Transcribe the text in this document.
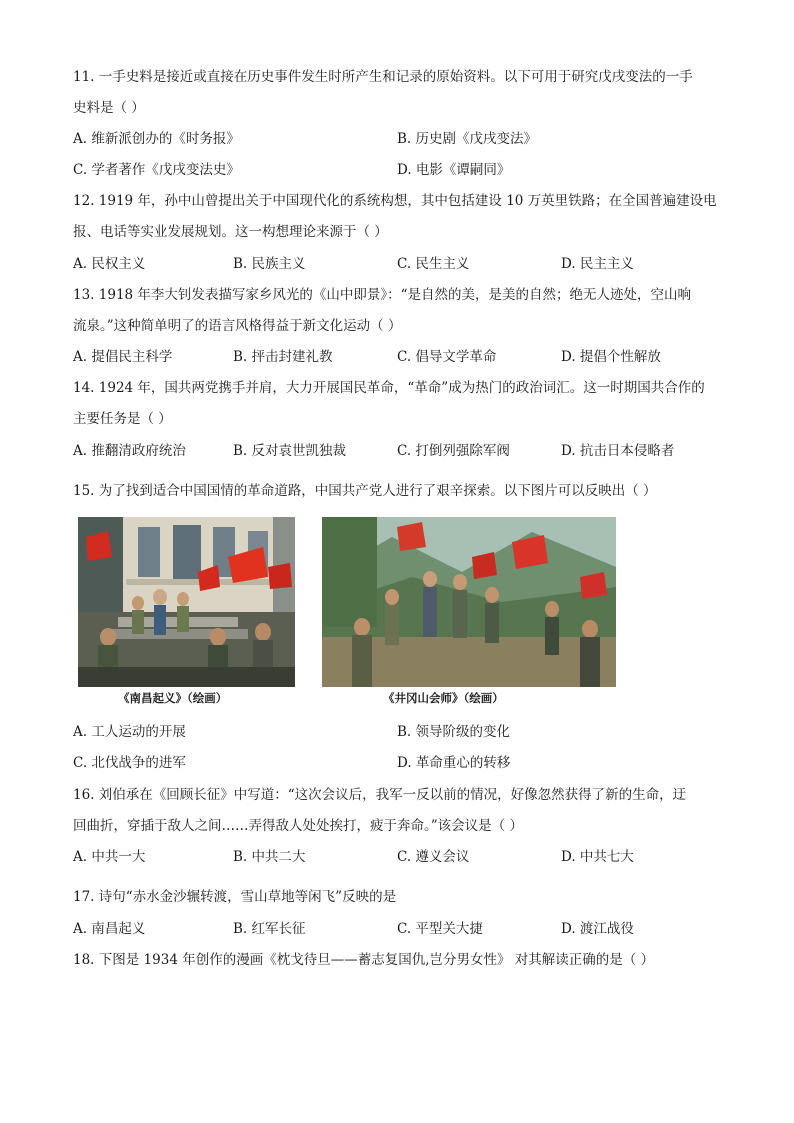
11. 一手史料是接近或直接在历史事件发生时所产生和记录的原始资料。以下可用于研究戊戌变法的一手
史料是（ ）
A. 维新派创办的《时务报》	B. 历史剧《戊戌变法》
C. 学者著作《戊戌变法史》	D. 电影《谭嗣同》
12. 1919 年，孙中山曾提出关于中国现代化的系统构想，其中包括建设 10 万英里铁路；在全国普遍建设电
报、电话等实业发展规划。这一构想理论来源于（ ）
A. 民权主义	B. 民族主义	C. 民生主义	D. 民主主义
13. 1918 年李大钊发表描写家乡风光的《山中即景》：“是自然的美，是美的自然；绝无人迹处，空山响
流泉。”这种简单明了的语言风格得益于新文化运动（ ）
A. 提倡民主科学	B. 抨击封建礼教	C. 倡导文学革命	D. 提倡个性解放
14. 1924 年，国共两党携手并肩，大力开展国民革命，“革命”成为热门的政治词汇。这一时期国共合作的
主要任务是（ ）
A. 推翻清政府统治	B. 反对袁世凯独裁	C. 打倒列强除军阀	D. 抗击日本侵略者
15. 为了找到适合中国国情的革命道路，中国共产党人进行了艰辛探索。以下图片可以反映出（ ）
《南昌起义》（绘画）	《井冈山会师》（绘画）
A. 工人运动的开展	B. 领导阶级的变化
C. 北伐战争的进军	D. 革命重心的转移
16. 刘伯承在《回顾长征》中写道：“这次会议后，我军一反以前的情况，好像忽然获得了新的生命，迂
回曲折，穿插于敌人之间……弄得敌人处处挨打，疲于奔命。”该会议是（ ）
A. 中共一大	B. 中共二大	C. 遵义会议	D. 中共七大
17. 诗句“赤水金沙辗转渡，雪山草地等闲飞”反映的是
A. 南昌起义	B. 红军长征	C. 平型关大捷	D. 渡江战役
18. 下图是 1934 年创作的漫画《枕戈待旦——蓄志复国仇,岂分男女性》 对其解读正确的是（ ）
